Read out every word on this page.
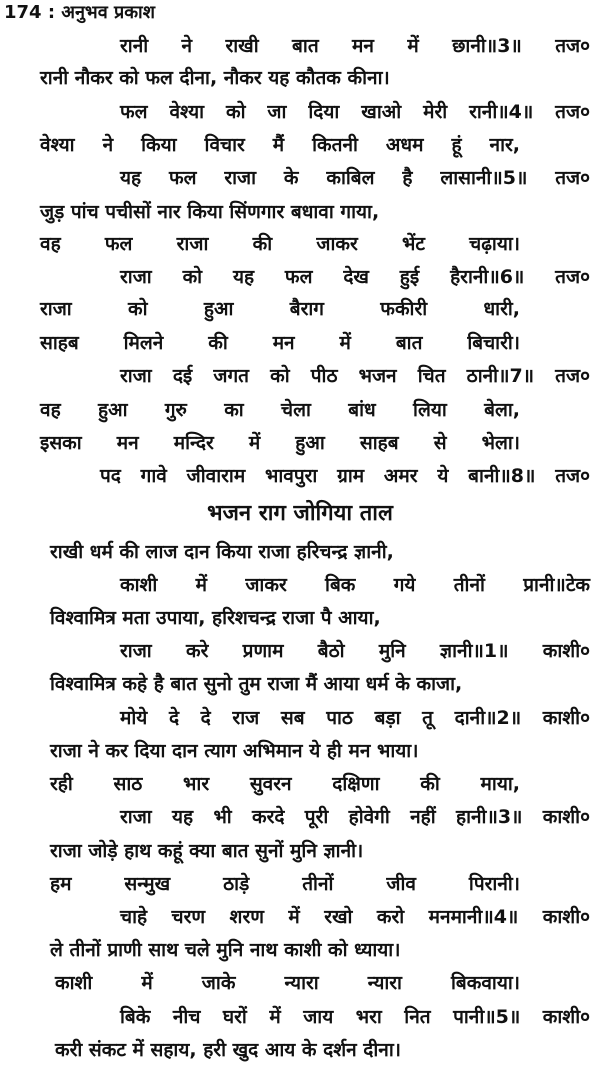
174 : अनुभव प्रकाश
रानी ने राखी बात मन में छानी॥3॥ तज०
रानी नौकर को फल दीना, नौकर यह कौतक कीना।
फल वेश्या को जा दिया खाओ मेरी रानी॥4॥ तज०
वेश्या ने किया विचार मैं कितनी अधम हूं नार,
यह फल राजा के काबिल है लासानी॥5॥ तज०
जुड़ पांच पचीसों नार किया सिंणगार बधावा गाया,
वह फल राजा की जाकर भेंट चढ़ाया।
राजा को यह फल देख हुई हैरानी॥6॥ तज०
राजा को हुआ बैराग फकीरी धारी,
साहब मिलने की मन में बात बिचारी।
राजा दई जगत को पीठ भजन चित ठानी॥7॥ तज०
वह हुआ गुरु का चेला बांध लिया बेला,
इसका मन मन्दिर में हुआ साहब से भेला।
पद गावे जीवाराम भावपुरा ग्राम अमर ये बानी॥8॥ तज०
भजन राग जोगिया ताल
राखी धर्म की लाज दान किया राजा हरिचन्द्र ज्ञानी,
काशी में जाकर बिक गये तीनों प्रानी॥टेक
विश्वामित्र मता उपाया, हरिशचन्द्र राजा पै आया,
राजा करे प्रणाम बैठो मुनि ज्ञानी॥1॥ काशी०
विश्वामित्र कहे है बात सुनो तुम राजा मैं आया धर्म के काजा,
मोये दे दे राज सब पाठ बड़ा तू दानी॥2॥ काशी०
राजा ने कर दिया दान त्याग अभिमान ये ही मन भाया।
रही साठ भार सुवरन दक्षिणा की माया,
राजा यह भी करदे पूरी होवेगी नहीं हानी॥3॥ काशी०
राजा जोड़े हाथ कहूं क्या बात सुनों मुनि ज्ञानी।
हम सन्मुख ठाड़े तीनों जीव पिरानी।
चाहे चरण शरण में रखो करो मनमानी॥4॥ काशी०
ले तीनों प्राणी साथ चले मुनि नाथ काशी को ध्याया।
काशी में जाके न्यारा न्यारा बिकवाया।
बिके नीच घरों में जाय भरा नित पानी॥5॥ काशी०
करी संकट में सहाय, हरी खुद आय के दर्शन दीना।
